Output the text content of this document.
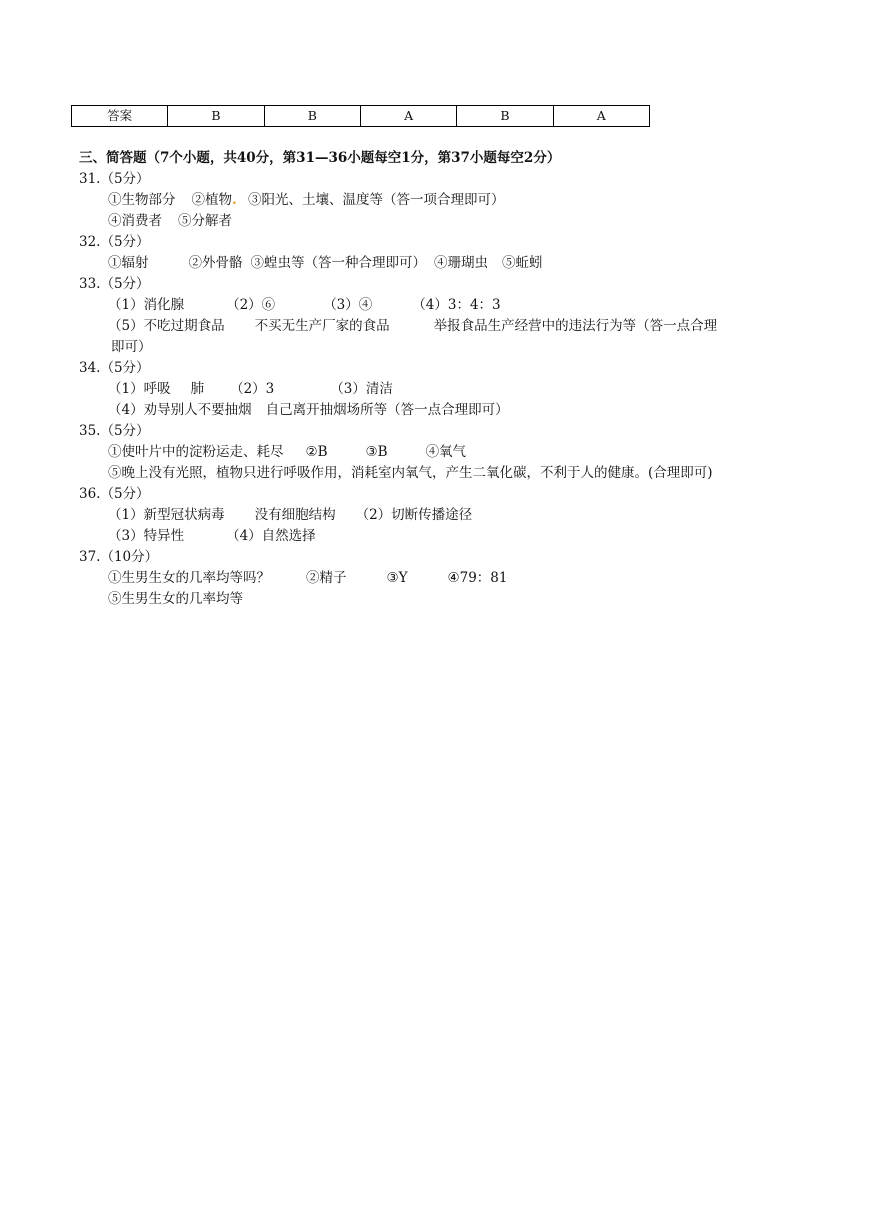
答案	B	B	A	B	A
三、简答题（7个小题，共40分，第31—36小题每空1分，第37小题每空2分）
31.（5分）
①生物部分 ②植物. ③阳光、土壤、温度等（答一项合理即可）
④消费者 ⑤分解者
32.（5分）
①辐射	②外骨骼 ③蝗虫等（答一种合理即可） ④珊瑚虫 ⑤蚯蚓
33.（5分）
（1）消化腺	（2）⑥	（3）④	（4）3：4：3
（5）不吃过期食品 不买无生产厂家的食品	举报食品生产经营中的违法行为等（答一点合理
即可）
34.（5分）
（1）呼吸 肺 （2）3	（3）清洁
（4）劝导别人不要抽烟 自己离开抽烟场所等（答一点合理即可）
35.（5分）
①使叶片中的淀粉运走、耗尽 ②B	③B	④氧气
⑤晚上没有光照，植物只进行呼吸作用，消耗室内氧气，产生二氧化碳，不利于人的健康。(合理即可)
36.（5分）
（1）新型冠状病毒 没有细胞结构 （2）切断传播途径
（3）特异性	（4）自然选择
37.（10分）
①生男生女的几率均等吗？	②精子	③Y	④79：81
⑤生男生女的几率均等
